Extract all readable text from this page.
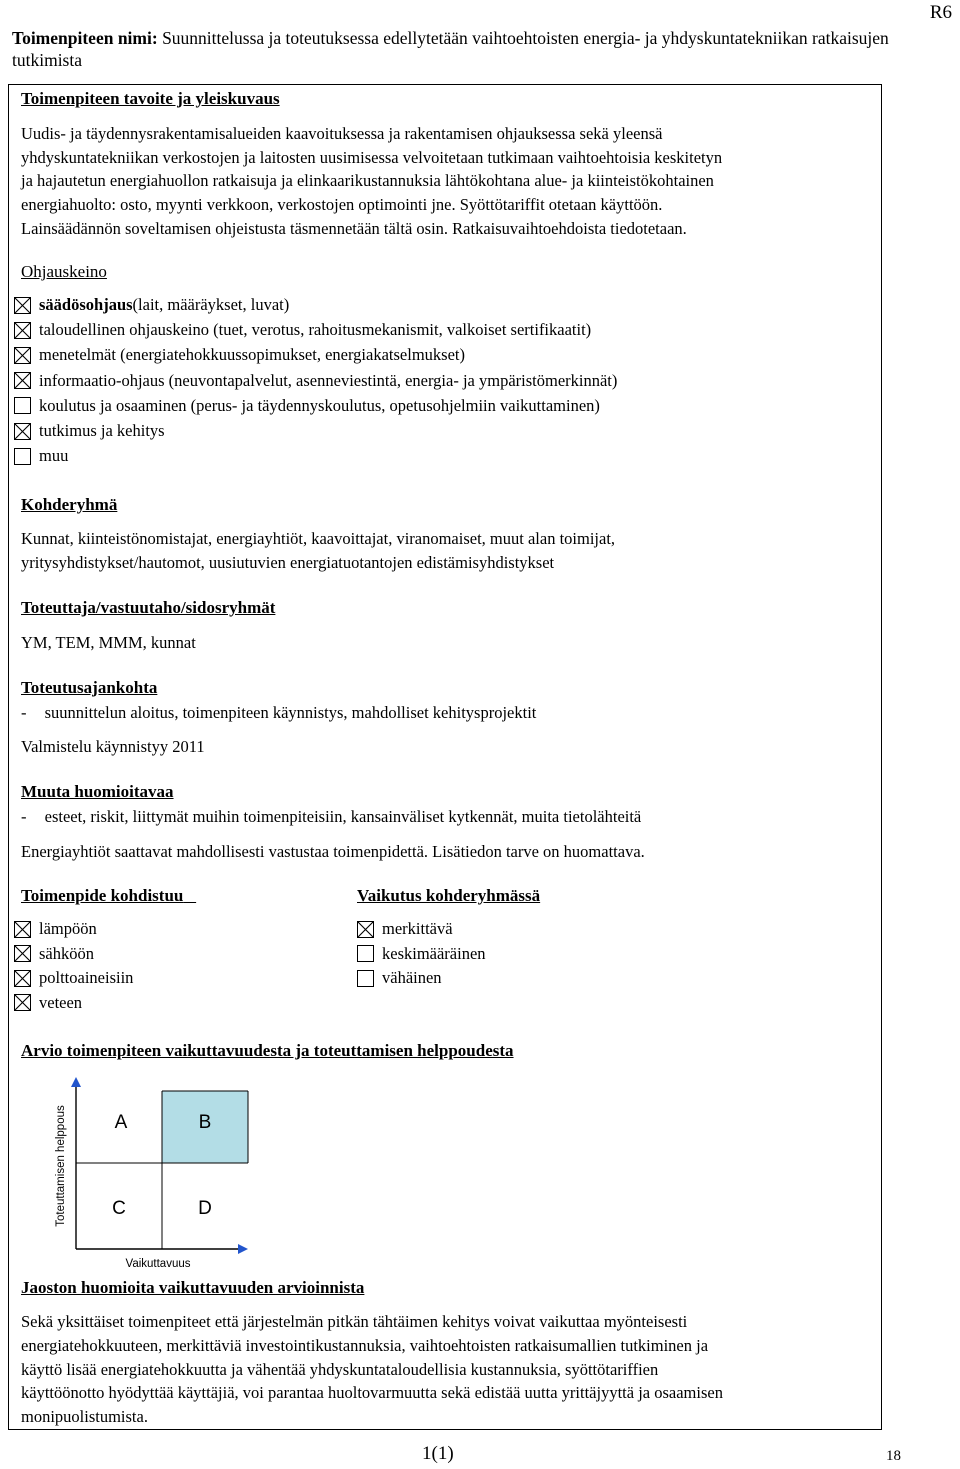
R6
Toimenpiteen nimi: Suunnittelussa ja toteutuksessa edellytetään vaihtoehtoisten energia- ja yhdyskuntatekniikan ratkaisujen tutkimista
Toimenpiteen tavoite ja yleiskuvaus
Uudis- ja täydennysrakentamisalueiden kaavoituksessa ja rakentamisen ohjauksessa sekä yleensä
yhdyskuntatekniikan verkostojen ja laitosten uusimisessa velvoitetaan tutkimaan vaihtoehtoisia keskitetyn
ja hajautetun energiahuollon ratkaisuja ja elinkaarikustannuksia lähtökohtana alue- ja kiinteistökohtainen
energiahuolto: osto, myynti verkkoon, verkostojen optimointi jne. Syöttötariffit otetaan käyttöön.
Lainsäädännön soveltamisen ohjeistusta täsmennetään tältä osin. Ratkaisuvaihtoehdoista tiedotetaan.
Ohjauskeino
säädösohjaus (lait, määräykset, luvat)
taloudellinen ohjauskeino (tuet, verotus, rahoitusmekanismit, valkoiset sertifikaatit)
menetelmät (energiatehokkuussopimukset, energiakatselmukset)
informaatio-ohjaus (neuvontapalvelut, asenneviestintä, energia- ja ympäristömerkinnät)
koulutus ja osaaminen (perus- ja täydennyskoulutus, opetusohjelmiin vaikuttaminen)
tutkimus ja kehitys
muu
Kohderyhmä
Kunnat, kiinteistönomistajat, energiayhtiöt, kaavoittajat, viranomaiset, muut alan toimijat,
yritysyhdistykset/hautomot, uusiutuvien energiatuotantojen edistämisyhdistykset
Toteuttaja/vastuutaho/sidosryhmät
YM, TEM, MMM, kunnat
Toteutusajankohta
- suunnittelun aloitus, toimenpiteen käynnistys, mahdolliset kehitysprojektit
Valmistelu käynnistyy 2011
Muuta huomioitavaa
- esteet, riskit, liittymät muihin toimenpiteisiin, kansainväliset kytkennät, muita tietolähteitä
Energiayhtiöt saattavat mahdollisesti vastustaa toimenpidettä. Lisätiedon tarve on huomattava.
Toimenpide kohdistuu
lämpöön
sähköön
polttoaineisiin
veteen
Vaikutus kohderyhmässä
merkittävä
keskimääräinen
vähäinen
Arvio toimenpiteen vaikuttavuudesta ja toteuttamisen helppoudesta
Jaoston huomioita vaikuttavuuden arvioinnista
Sekä yksittäiset toimenpiteet että järjestelmän pitkän tähtäimen kehitys voivat vaikuttaa myönteisesti
energiatehokkuuteen, merkittäviä investointikustannuksia, vaihtoehtoisten ratkaisumallien tutkiminen ja
käyttö lisää energiatehokkuutta ja vähentää yhdyskuntataloudellisia kustannuksia, syöttötariffien
käyttöönotto hyödyttää käyttäjiä, voi parantaa huoltovarmuutta sekä edistää uutta yrittäjyyttä ja osaamisen
monipuolistumista.
A	B
C	D
Toteuttamisen helppous
Vaikuttavuus
1(1)	18
